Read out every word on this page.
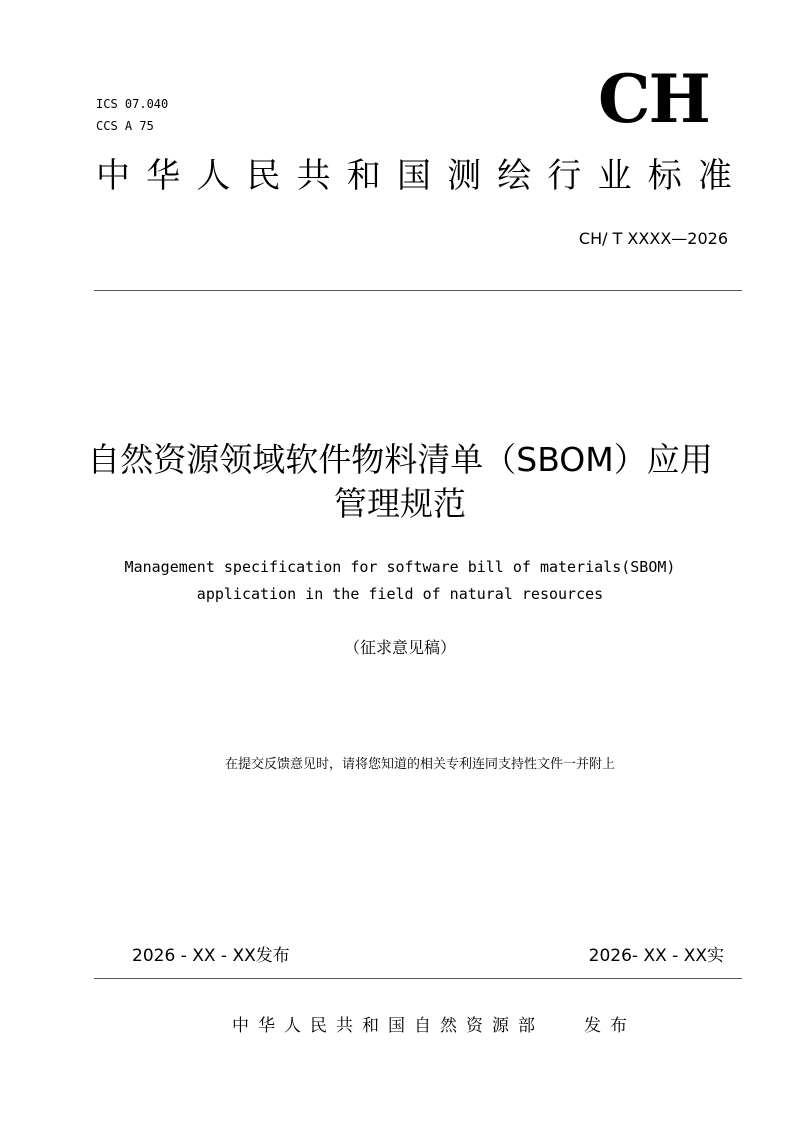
ICS 07.040
CCS A 75	CH
中 华 人 民 共 和 国 测 绘 行 业 标 准
CH/ T XXXX—2026
自然资源领域软件物料清单（SBOM）应用
管理规范
Management specification for software bill of materials(SBOM)
application in the field of natural resources
（征求意见稿）
在提交反馈意见时，请将您知道的相关专利连同支持性文件一并附上
2026 - XX - XX发布	2026- XX - XX实
中华人民共和国自然资源部 发布
